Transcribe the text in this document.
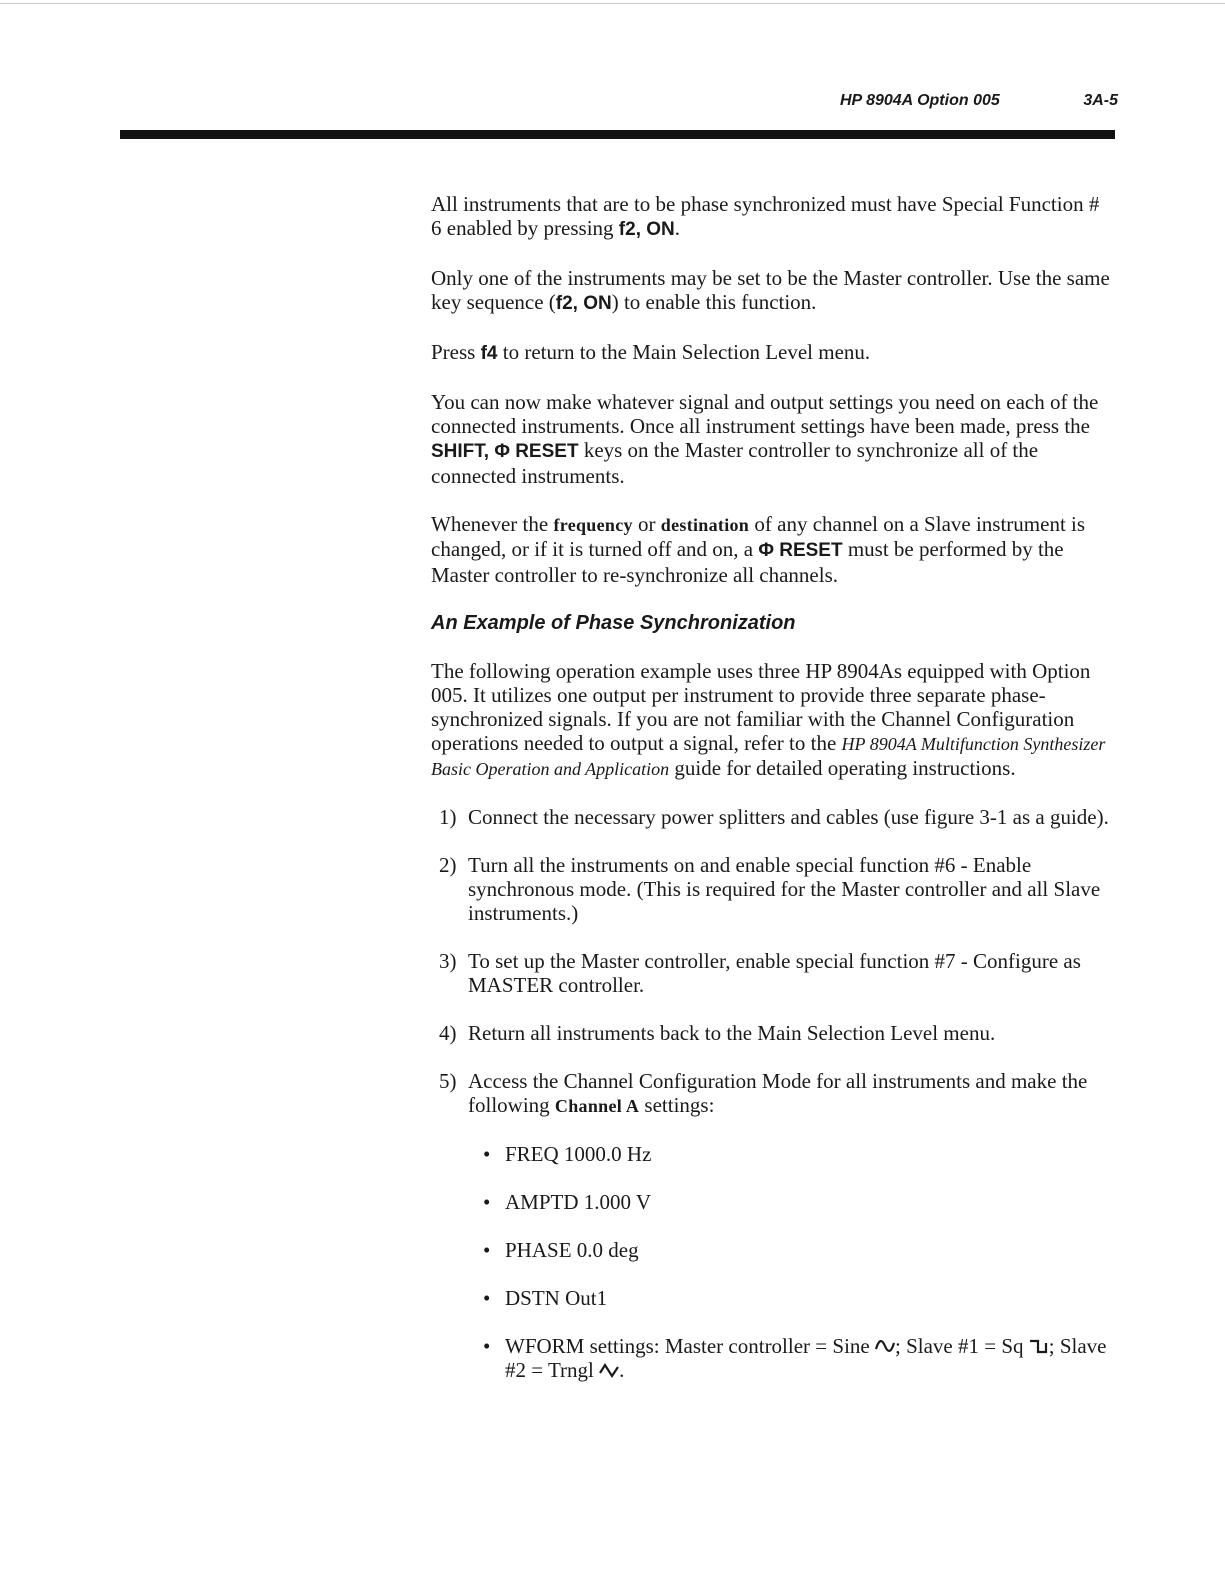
HP 8904A Option 005	3A-5

All instruments that are to be phase synchronized must have Special Function # 6 enabled by pressing f2, ON.

Only one of the instruments may be set to be the Master controller. Use the same key sequence (f2, ON) to enable this function.

Press f4 to return to the Main Selection Level menu.

You can now make whatever signal and output settings you need on each of the connected instruments. Once all instrument settings have been made, press the SHIFT, Φ RESET keys on the Master controller to synchronize all of the connected instruments.

Whenever the frequency or destination of any channel on a Slave instrument is changed, or if it is turned off and on, a Φ RESET must be performed by the Master controller to re-synchronize all channels.

An Example of Phase Synchronization

The following operation example uses three HP 8904As equipped with Option 005. It utilizes one output per instrument to provide three separate phase-synchronized signals. If you are not familiar with the Channel Configuration operations needed to output a signal, refer to the HP 8904A Multifunction Synthesizer Basic Operation and Application guide for detailed operating instructions.

1) Connect the necessary power splitters and cables (use figure 3-1 as a guide).
2) Turn all the instruments on and enable special function #6 - Enable synchronous mode. (This is required for the Master controller and all Slave instruments.)
3) To set up the Master controller, enable special function #7 - Configure as MASTER controller.
4) Return all instruments back to the Main Selection Level menu.
5) Access the Channel Configuration Mode for all instruments and make the following Channel A settings:
• FREQ 1000.0 Hz
• AMPTD 1.000 V
• PHASE 0.0 deg
• DSTN Out1
• WFORM settings: Master controller = Sine ; Slave #1 = Sq ; Slave #2 = Trngl .
